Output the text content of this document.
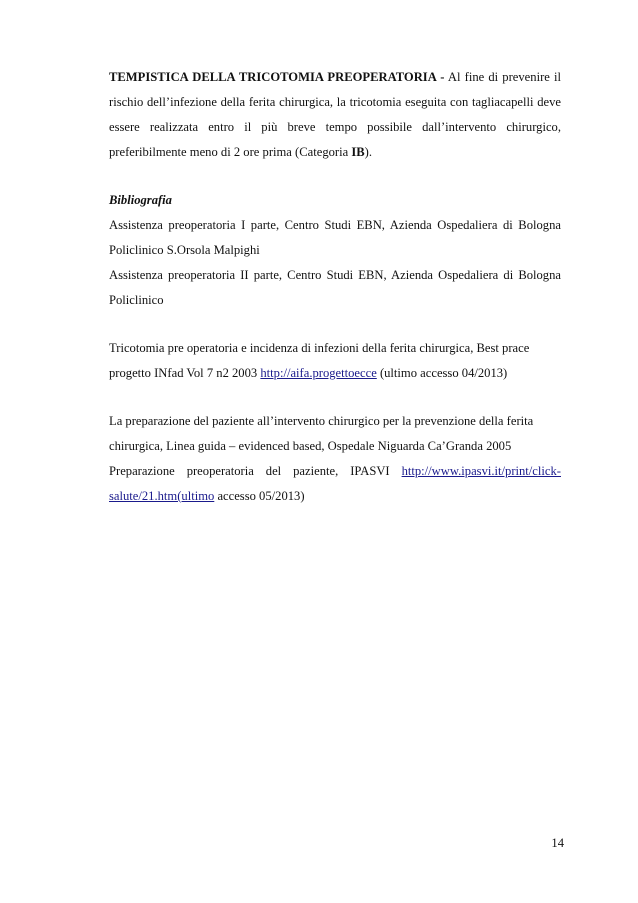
TEMPISTICA DELLA TRICOTOMIA PREOPERATORIA - Al fine di prevenire il

rischio dell’infezione della ferita chirurgica, la tricotomia eseguita con tagliacapelli deve

essere realizzata entro il più breve tempo possibile dall’intervento chirurgico,

preferibilmente meno di 2 ore prima (Categoria IB).

Bibliografia

Assistenza preoperatoria I parte, Centro Studi EBN, Azienda Ospedaliera di Bologna

Policlinico S.Orsola Malpighi

Assistenza preoperatoria II parte, Centro Studi EBN, Azienda Ospedaliera di Bologna

Policlinico

Tricotomia pre operatoria e incidenza di infezioni della ferita chirurgica, Best prace

progetto INfad Vol 7 n2 2003 http://aifa.progettoecce (ultimo accesso 04/2013)

La preparazione del paziente all’intervento chirurgico per la prevenzione della ferita

chirurgica, Linea guida – evidenced based, Ospedale Niguarda Ca’Granda 2005

Preparazione preoperatoria del paziente, IPASVI http://www.ipasvi.it/print/click-

salute/21.htm(ultimo accesso 05/2013)

14
